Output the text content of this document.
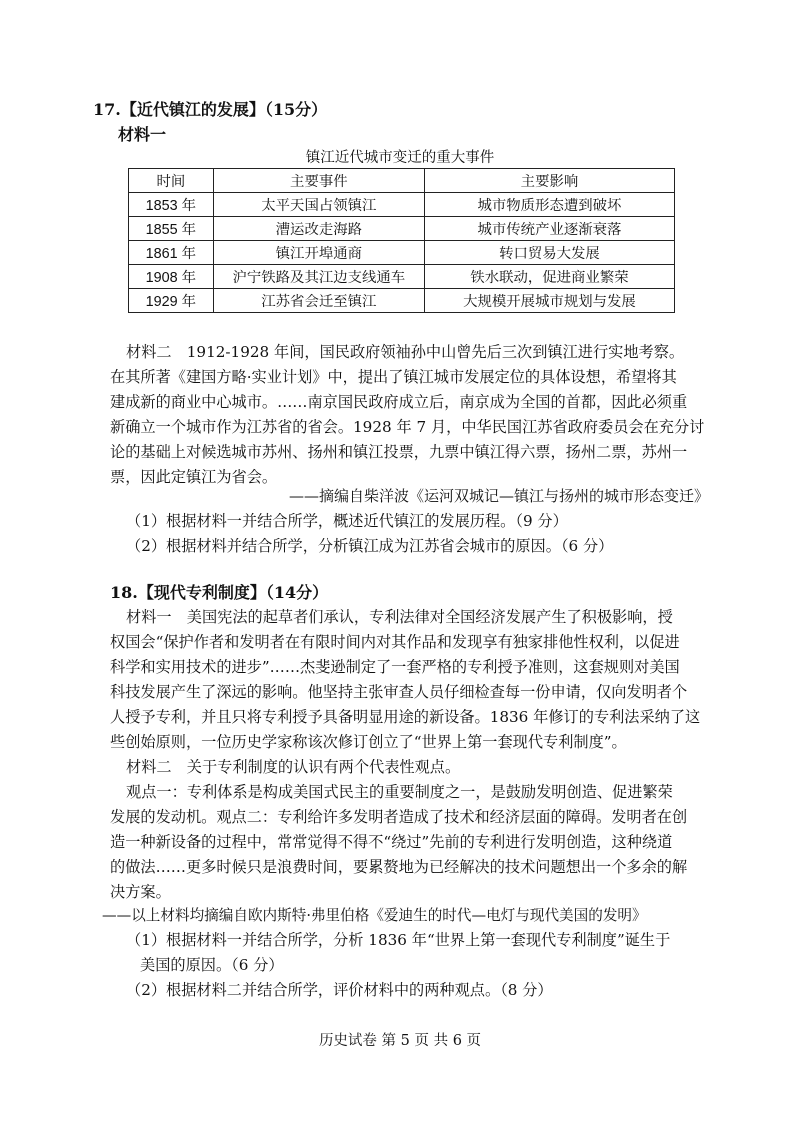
17.【近代镇江的发展】（15分）
材料一
镇江近代城市变迁的重大事件
时间	主要事件	主要影响
1853 年	太平天国占领镇江	城市物质形态遭到破坏
1855 年	漕运改走海路	城市传统产业逐渐衰落
1861 年	镇江开埠通商	转口贸易大发展
1908 年	沪宁铁路及其江边支线通车	铁水联动，促进商业繁荣
1929 年	江苏省会迁至镇江	大规模开展城市规划与发展
材料二　1912-1928 年间，国民政府领袖孙中山曾先后三次到镇江进行实地考察。
在其所著《建国方略·实业计划》中，提出了镇江城市发展定位的具体设想，希望将其
建成新的商业中心城市。……南京国民政府成立后，南京成为全国的首都，因此必须重
新确立一个城市作为江苏省的省会。1928 年 7 月，中华民国江苏省政府委员会在充分讨
论的基础上对候选城市苏州、扬州和镇江投票，九票中镇江得六票，扬州二票，苏州一
票，因此定镇江为省会。
——摘编自柴洋波《运河双城记—镇江与扬州的城市形态变迁》
（1）根据材料一并结合所学，概述近代镇江的发展历程。（9 分）
（2）根据材料并结合所学，分析镇江成为江苏省会城市的原因。（6 分）
18.【现代专利制度】（14分）
材料一　美国宪法的起草者们承认，专利法律对全国经济发展产生了积极影响，授
权国会“保护作者和发明者在有限时间内对其作品和发现享有独家排他性权利，以促进
科学和实用技术的进步”……杰斐逊制定了一套严格的专利授予准则，这套规则对美国
科技发展产生了深远的影响。他坚持主张审查人员仔细检查每一份申请，仅向发明者个
人授予专利，并且只将专利授予具备明显用途的新设备。1836 年修订的专利法采纳了这
些创始原则，一位历史学家称该次修订创立了“世界上第一套现代专利制度”。
材料二　关于专利制度的认识有两个代表性观点。
观点一：专利体系是构成美国式民主的重要制度之一，是鼓励发明创造、促进繁荣
发展的发动机。观点二：专利给许多发明者造成了技术和经济层面的障碍。发明者在创
造一种新设备的过程中，常常觉得不得不“绕过”先前的专利进行发明创造，这种绕道
的做法……更多时候只是浪费时间，要累赘地为已经解决的技术问题想出一个多余的解
决方案。
——以上材料均摘编自欧内斯特·弗里伯格《爱迪生的时代—电灯与现代美国的发明》
（1）根据材料一并结合所学，分析 1836 年“世界上第一套现代专利制度”诞生于
美国的原因。（6 分）
（2）根据材料二并结合所学，评价材料中的两种观点。（8 分）
历史试卷 第 5 页 共 6 页
